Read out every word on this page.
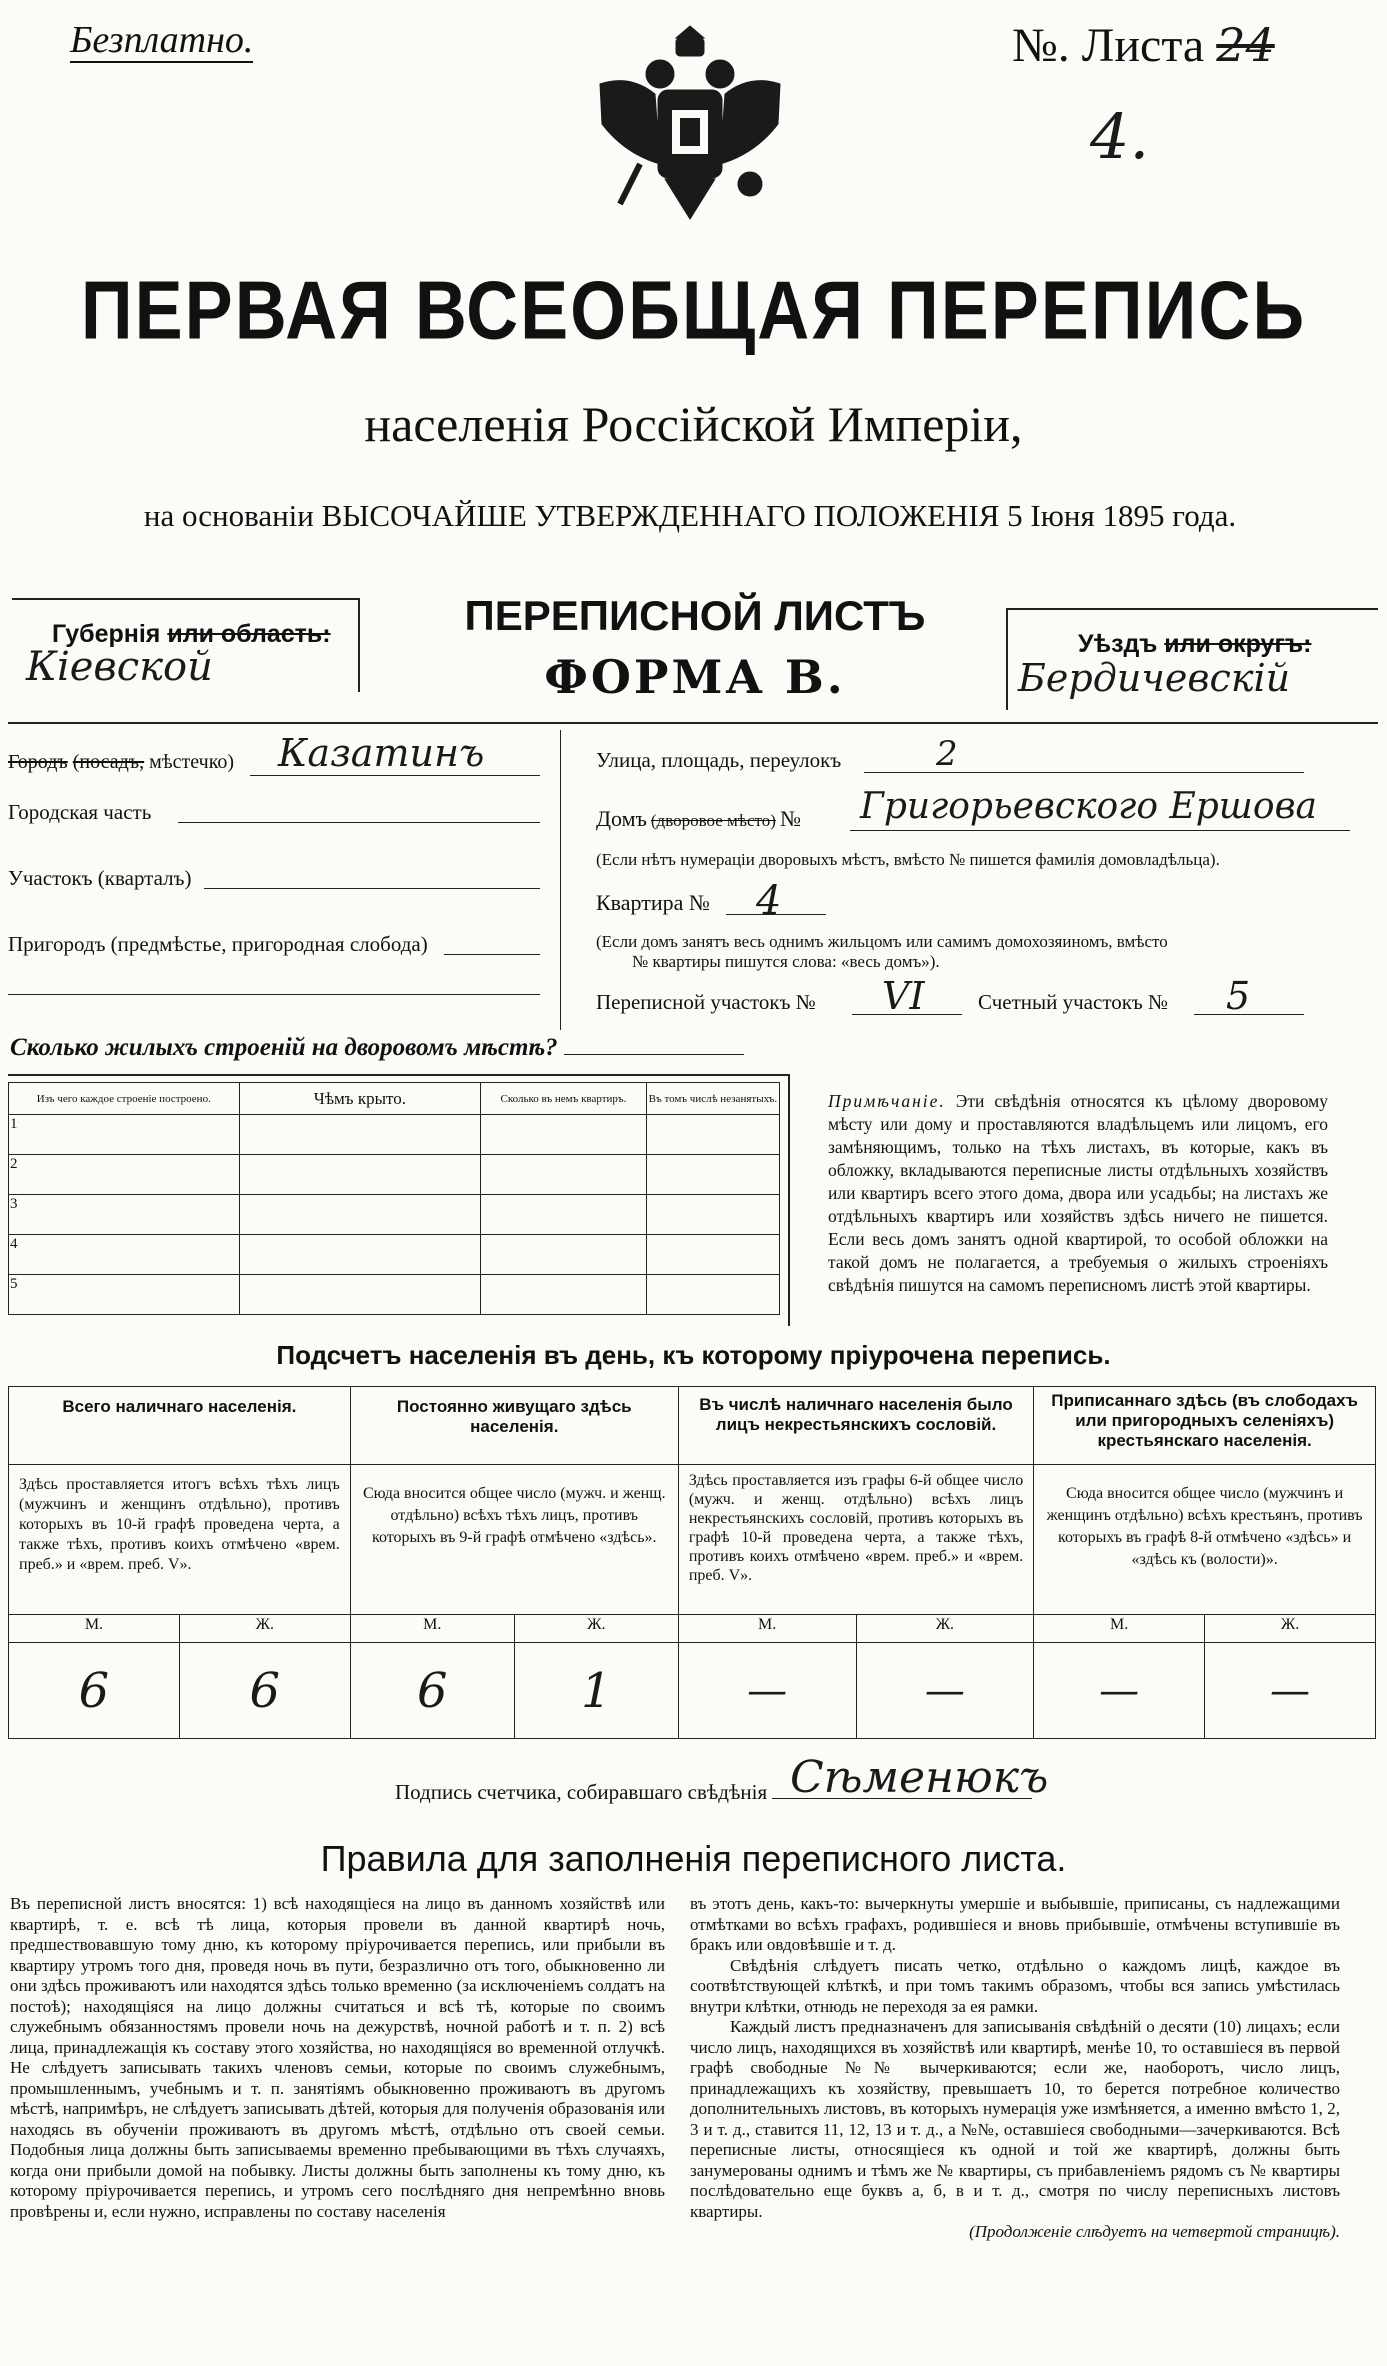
Безплатно.	№. Листа 24
4.
ПЕРВАЯ ВСЕОБЩАЯ ПЕРЕПИСЬ
населенія Россійской Имперіи,
на основаніи ВЫСОЧАЙШЕ УТВЕРЖДЕННАГО ПОЛОЖЕНІЯ 5 Іюня 1895 года.
Губернія или область:
Кіевской
ПЕРЕПИСНОЙ ЛИСТЪ
ФОРМА В.
Уѣздъ или округъ:
Бердичевскій
Городъ (посадъ, мѣстечко) Казатинъ
Городская часть
Участокъ (кварталъ)
Пригородъ (предмѣстье, пригородная слобода)
Улица, площадь, переулокъ	2
Домъ (дворовое мѣсто) № Григорьевского Ершова
(Если нѣтъ нумераціи дворовыхъ мѣстъ, вмѣсто № пишется фамилія домовладѣльца).
Квартира № 4
(Если домъ занятъ весь однимъ жильцомъ или самимъ домохозяиномъ, вмѣсто
№ квартиры пишутся слова: «весь домъ»).
Переписной участокъ № VI	Счетный участокъ № 5
Сколько жилыхъ строеній на дворовомъ мѣстѣ?
Изъ чего каждое строеніе построено.	Чѣмъ крыто.	Сколько въ немъ квартиръ.	Въ томъ числѣ незанятыхъ.
1			
2			
3			
4			
5			
Примѣчаніе. Эти свѣдѣнія относятся къ цѣлому дворовому мѣсту или дому и проставляются владѣльцемъ или лицомъ, его замѣняющимъ, только на тѣхъ листахъ, въ которые, какъ въ обложку, вкладываются переписные листы отдѣльныхъ хозяйствъ или квартиръ всего этого дома, двора или усадьбы; на листахъ же отдѣльныхъ квартиръ или хозяйствъ здѣсь ничего не пишется. Если весь домъ занятъ одной квартирой, то особой обложки на такой домъ не полагается, а требуемыя о жилыхъ строеніяхъ свѣдѣнія пишутся на самомъ переписномъ листѣ этой квартиры.
Подсчетъ населенія въ день, къ которому пріурочена перепись.
Всего наличнаго населенія.		Постоянно живущаго здѣсь населенія.		Въ числѣ наличнаго населенія было лицъ некрестьянскихъ сословій.		Приписаннаго здѣсь (въ слободахъ или пригородныхъ селеніяхъ) крестьянскаго населенія.	
Здѣсь проставляется итогъ всѣхъ тѣхъ лицъ (мужчинъ и женщинъ отдѣльно), противъ которыхъ въ 10-й графѣ проведена черта, а также тѣхъ, противъ коихъ отмѣчено «врем. преб.» и «врем. преб. V».		Сюда вносится общее число (мужч. и женщ. отдѣльно) всѣхъ тѣхъ лицъ, противъ которыхъ въ 9-й графѣ отмѣчено «здѣсь».		Здѣсь проставляется изъ графы 6-й общее число (мужч. и женщ. отдѣльно) всѣхъ лицъ некрестьянскихъ сословій, противъ которыхъ въ графѣ 10-й проведена черта, а также тѣхъ, противъ коихъ отмѣчено «врем. преб.» и «врем. преб. V».		Сюда вносится общее число (мужчинъ и женщинъ отдѣльно) всѣхъ крестьянъ, противъ которыхъ въ графѣ 8-й отмѣчено «здѣсь» и «здѣсь къ (волости)».	
М.	Ж.	М.	Ж.	М.	Ж.	М.	Ж.
6	6	6	1	—	—	—	—
Подпись счетчика, собиравшаго свѣдѣнія Сѣменюкъ
Правила для заполненія переписного листа.

Въ переписной листъ вносятся: 1) всѣ находящіеся на лицо въ данномъ хозяйствѣ или квартирѣ, т. е. всѣ тѣ лица, которыя провели въ данной квартирѣ ночь, предшествовавшую тому дню, къ которому пріурочивается перепись, или прибыли въ квартиру утромъ того дня, проведя ночь въ пути, безразлично отъ того, обыкновенно ли они здѣсь проживаютъ или находятся здѣсь только временно (за исключеніемъ солдатъ на постоѣ); находящіяся на лицо должны считаться и всѣ тѣ, которые по своимъ служебнымъ обязанностямъ провели ночь на дежурствѣ, ночной работѣ и т. п. 2) всѣ лица, принадлежащія къ составу этого хозяйства, но находящіяся во временной отлучкѣ. Не слѣдуетъ записывать такихъ членовъ семьи, которые по своимъ служебнымъ, промышленнымъ, учебнымъ и т. п. занятіямъ обыкновенно проживаютъ въ другомъ мѣстѣ, напримѣръ, не слѣдуетъ записывать дѣтей, которыя для полученія образованія или находясь въ обученіи проживаютъ въ другомъ мѣстѣ, отдѣльно отъ своей семьи. Подобныя лица должны быть записываемы временно пребывающими въ тѣхъ случаяхъ, когда они прибыли домой на побывку. Листы должны быть заполнены къ тому дню, къ которому пріурочивается перепись, и утромъ сего послѣдняго дня непремѣнно вновь провѣрены и, если нужно, исправлены по составу населенія

въ этотъ день, какъ-то: вычеркнуты умершіе и выбывшіе, приписаны, съ надлежащими отмѣтками во всѣхъ графахъ, родившіеся и вновь прибывшіе, отмѣчены вступившіе въ бракъ или овдовѣвшіе и т. д.

Свѣдѣнія слѣдуетъ писать четко, отдѣльно о каждомъ лицѣ, каждое въ соотвѣтствующей клѣткѣ, и при томъ такимъ образомъ, чтобы вся запись умѣстилась внутри клѣтки, отнюдь не переходя за ея рамки.

Каждый листъ предназначенъ для записыванія свѣдѣній о десяти (10) лицахъ; если число лицъ, находящихся въ хозяйствѣ или квартирѣ, менѣе 10, то оставшіеся въ первой графѣ свободные №№ вычеркиваются; если же, наоборотъ, число лицъ, принадлежащихъ къ хозяйству, превышаетъ 10, то берется потребное количество дополнительныхъ листовъ, въ которыхъ нумерація уже измѣняется, а именно вмѣсто 1, 2, 3 и т. д., ставится 11, 12, 13 и т. д., а №№, оставшіеся свободными—зачеркиваются. Всѣ переписные листы, относящіеся къ одной и той же квартирѣ, должны быть занумерованы однимъ и тѣмъ же № квартиры, съ прибавленіемъ рядомъ съ № квартиры послѣдовательно еще буквъ а, б, в и т. д., смотря по числу переписныхъ листовъ квартиры.

(Продолженіе слѣдуетъ на четвертой страницѣ).
